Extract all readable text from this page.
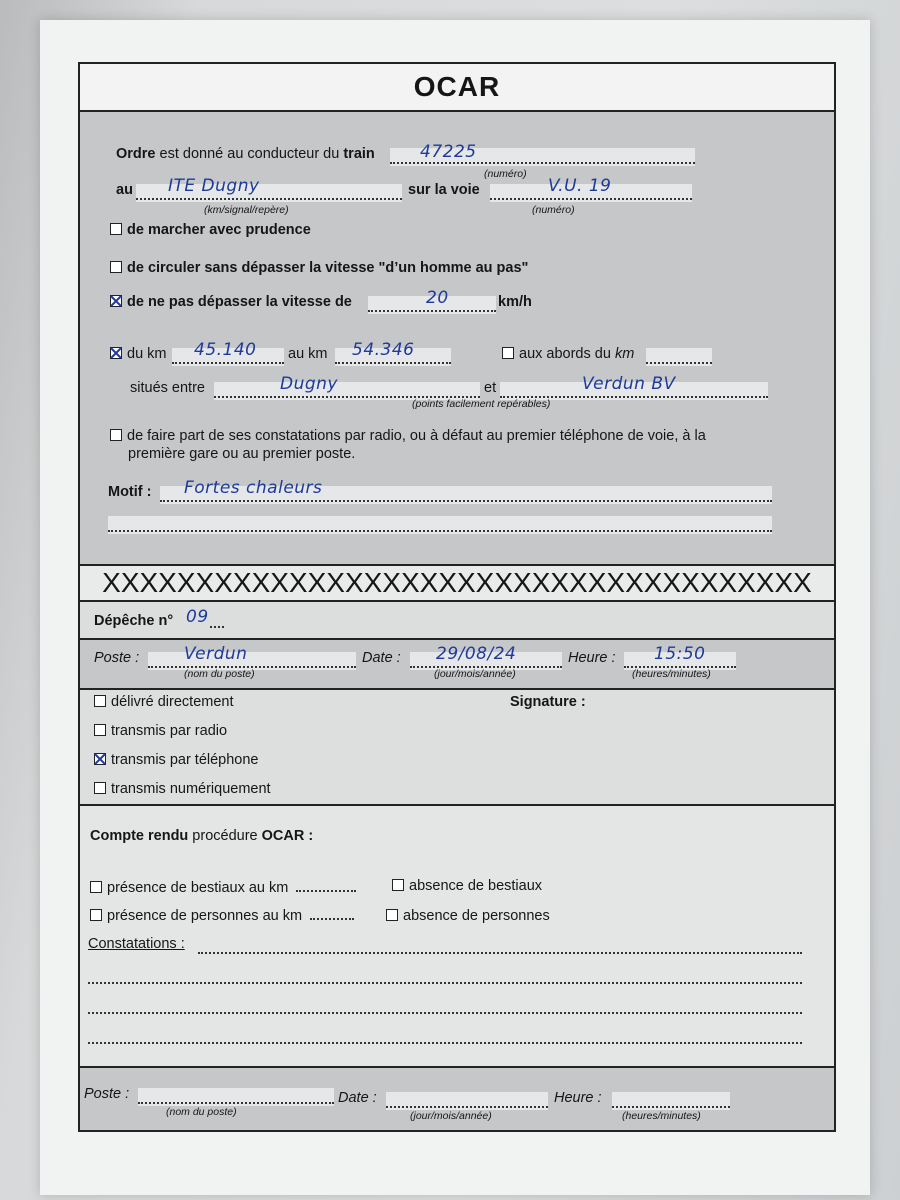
OCAR
Ordre est donné au conducteur du train	47225
(numéro)
au ITE Dugny
(km/signal/repère)
sur la voie	V.U. 19
(numéro)
de marcher avec prudence
de circuler sans dépasser la vitesse "d’un homme au pas"
de ne pas dépasser la vitesse de	20	km/h
du km 45.140 au km 54.346	aux abords du km
situés entre	Dugny	et	Verdun BV
(points facilement repérables)
de faire part de ses constatations par radio, ou à défaut au premier téléphone de voie, à la
première gare ou au premier poste.
Motif : Fortes chaleurs
XXXXXXXXXXXXXXXXXXXXXXXXXXXXXXXXXXXXXX
Dépêche n° 09
Poste :	Verdun
(nom du poste)
Date : 29/08/24
(jour/mois/année)
Heure : 15:50
(heures/minutes)
délivré directement
transmis par radio
transmis par téléphone
transmis numériquement
Signature :
Compte rendu procédure OCAR :
présence de bestiaux au km	absence de bestiaux
présence de personnes au km	absence de personnes
Constatations :
Poste :
(nom du poste)
Date :
(jour/mois/année)
Heure :
(heures/minutes)
